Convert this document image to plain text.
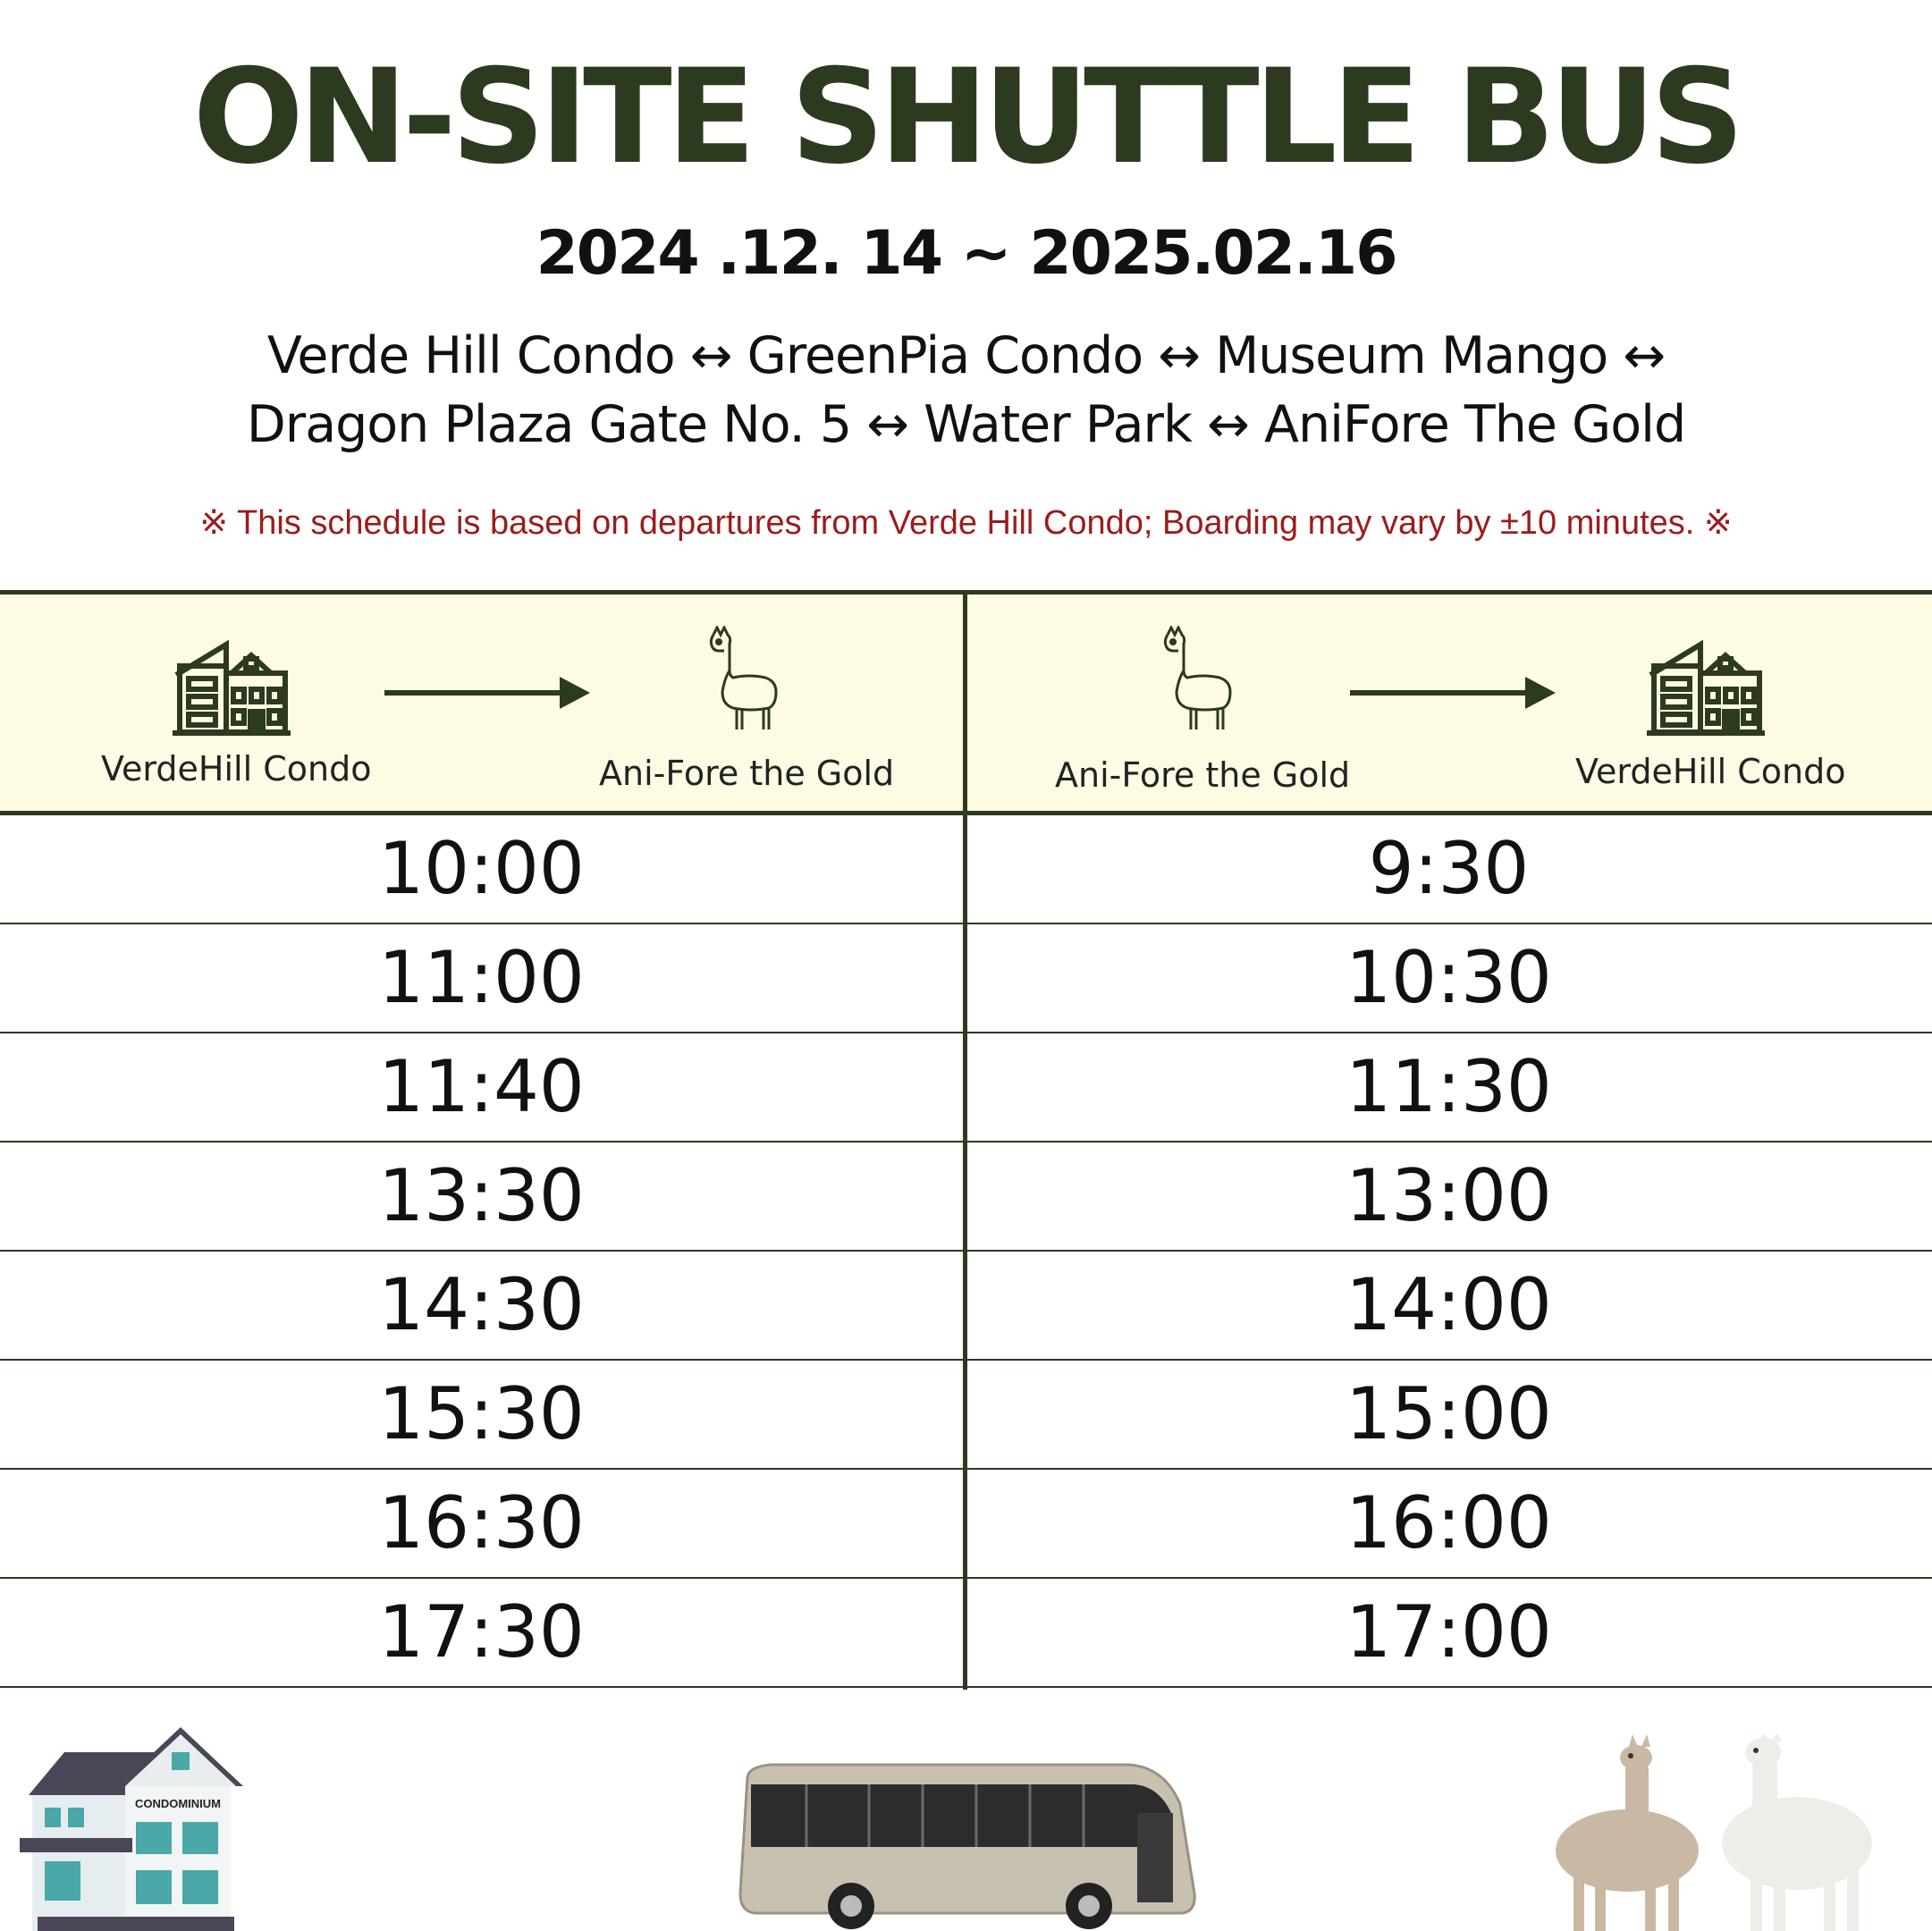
ON-SITE SHUTTLE BUS
2024 .12. 14 ~ 2025.02.16
Verde Hill Condo ↔ GreenPia Condo ↔ Museum Mango ↔
Dragon Plaza Gate No. 5 ↔ Water Park ↔ AniFore The Gold
※ This schedule is based on departures from Verde Hill Condo; Boarding may vary by ±10 minutes. ※
VerdeHill Condo	Ani-Fore the Gold	Ani-Fore the Gold	VerdeHill Condo
10:00	9:30
11:00	10:30
11:40	11:30
13:30	13:00
14:30	14:00
15:30	15:00
16:30	16:00
17:30	17:00
CONDOMINIUM
